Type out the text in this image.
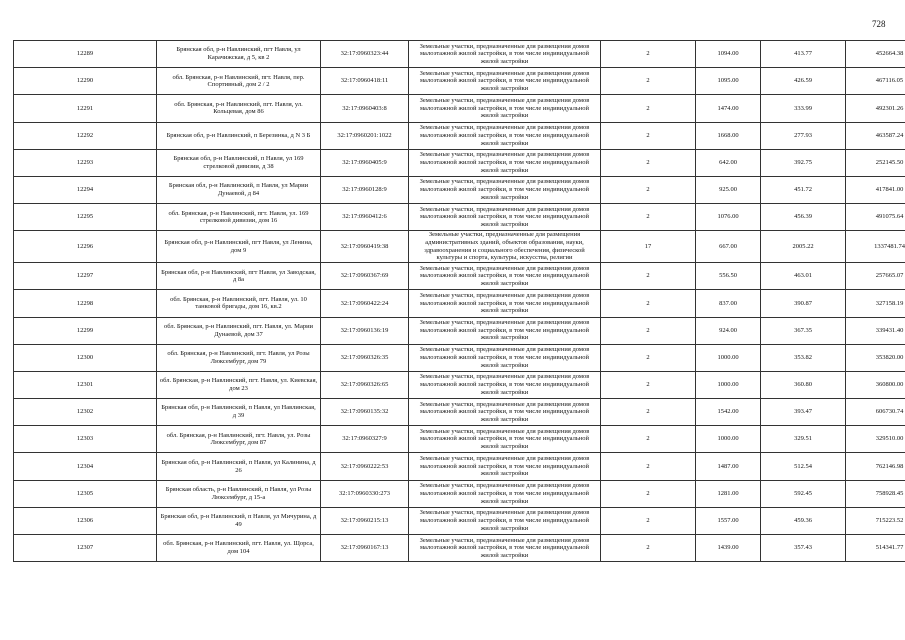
728
12289	Брянская обл, р-н Навлинский, пгт Навля, ул Карачижская, д 5, кв 2	32:17:0960323:44	Земельные участки, предназначенные для размещения домов малоэтажной жилой застройки, в том числе индивидуальной жилой застройки	2	1094.00	413.77	452664.38
12290	обл. Брянская, р-н Навлинский, пгт. Навля, пер. Спортивный, дом 2 / 2	32:17:0960418:11	Земельные участки, предназначенные для размещения домов малоэтажной жилой застройки, в том числе индивидуальной жилой застройки	2	1095.00	426.59	467116.05
12291	обл. Брянская, р-н Навлинский, пгт. Навля, ул. Кольцевая, дом 86	32:17:0960403:8	Земельные участки, предназначенные для размещения домов малоэтажной жилой застройки, в том числе индивидуальной жилой застройки	2	1474.00	333.99	492301.26
12292	Брянская обл, р-н Навлинский, п Березинка, д N 3 Б	32:17:0960201:1022	Земельные участки, предназначенные для размещения домов малоэтажной жилой застройки, в том числе индивидуальной жилой застройки	2	1668.00	277.93	463587.24
12293	Брянская обл, р-н Навлинский, п Навля, ул 169 стрелковой дивизии, д 38	32:17:0960405:9	Земельные участки, предназначенные для размещения домов малоэтажной жилой застройки, в том числе индивидуальной жилой застройки	2	642.00	392.75	252145.50
12294	Брянская обл, р-н Навлинский, п Навля, ул Марии Дунаевой, д 84	32:17:0960128:9	Земельные участки, предназначенные для размещения домов малоэтажной жилой застройки, в том числе индивидуальной жилой застройки	2	925.00	451.72	417841.00
12295	обл. Брянская, р-н Навлинский, пгт. Навля, ул. 169 стрелковой дивизии, дом 16	32:17:0960412:6	Земельные участки, предназначенные для размещения домов малоэтажной жилой застройки, в том числе индивидуальной жилой застройки	2	1076.00	456.39	491075.64
12296	Брянская обл, р-н Навлинский, пгт Навля, ул Ленина, дом 9	32:17:0960419:38	Земельные участки, предназначенные для размещения административных зданий, объектов образования, науки, здравоохранения и социального обеспечения, физической культуры и спорта, культуры, искусства, религии	17	667.00	2005.22	1337481.74
12297	Брянская обл, р-н Навлинский, пгт Навля, ул Заводская, д 8а	32:17:0960367:69	Земельные участки, предназначенные для размещения домов малоэтажной жилой застройки, в том числе индивидуальной жилой застройки	2	556.50	463.01	257665.07
12298	обл. Брянская, р-н Навлинский, пгт. Навля, ул. 10 танковой бригады, дом 16, кв.2	32:17:0960422:24	Земельные участки, предназначенные для размещения домов малоэтажной жилой застройки, в том числе индивидуальной жилой застройки	2	837.00	390.87	327158.19
12299	обл. Брянская, р-н Навлинский, пгт. Навля, ул. Марии Дунаевой, дом 37	32:17:0960136:19	Земельные участки, предназначенные для размещения домов малоэтажной жилой застройки, в том числе индивидуальной жилой застройки	2	924.00	367.35	339431.40
12300	обл. Брянская, р-н Навлинский, пгт. Навля, ул Розы Люксембург, дом 79	32:17:0960326:35	Земельные участки, предназначенные для размещения домов малоэтажной жилой застройки, в том числе индивидуальной жилой застройки	2	1000.00	353.82	353820.00
12301	обл. Брянская, р-н Навлинский, пгт. Навля, ул. Киевская, дом 23	32:17:0960326:65	Земельные участки, предназначенные для размещения домов малоэтажной жилой застройки, в том числе индивидуальной жилой застройки	2	1000.00	360.80	360800.00
12302	Брянская обл, р-н Навлинский, п Навля, ул Навлинская, д 39	32:17:0960135:32	Земельные участки, предназначенные для размещения домов малоэтажной жилой застройки, в том числе индивидуальной жилой застройки	2	1542.00	393.47	606730.74
12303	обл. Брянская, р-н Навлинский, пгт. Навля, ул. Розы Люксембург, дом 87	32:17:0960327:9	Земельные участки, предназначенные для размещения домов малоэтажной жилой застройки, в том числе индивидуальной жилой застройки	2	1000.00	329.51	329510.00
12304	Брянская обл, р-н Навлинский, п Навля, ул Калинина, д 26	32:17:0960222:53	Земельные участки, предназначенные для размещения домов малоэтажной жилой застройки, в том числе индивидуальной жилой застройки	2	1487.00	512.54	762146.98
12305	Брянская область, р-н Навлинский, п Навля, ул Розы Люксембург, д 15-а	32:17:0960330:273	Земельные участки, предназначенные для размещения домов малоэтажной жилой застройки, в том числе индивидуальной жилой застройки	2	1281.00	592.45	758928.45
12306	Брянская обл, р-н Навлинский, п Навля, ул Мичурина, д 49	32:17:0960215:13	Земельные участки, предназначенные для размещения домов малоэтажной жилой застройки, в том числе индивидуальной жилой застройки	2	1557.00	459.36	715223.52
12307	обл. Брянская, р-н Навлинский, пгт. Навля, ул. Щорса, дом 104	32:17:0960167:13	Земельные участки, предназначенные для размещения домов малоэтажной жилой застройки, в том числе индивидуальной жилой застройки	2	1439.00	357.43	514341.77
